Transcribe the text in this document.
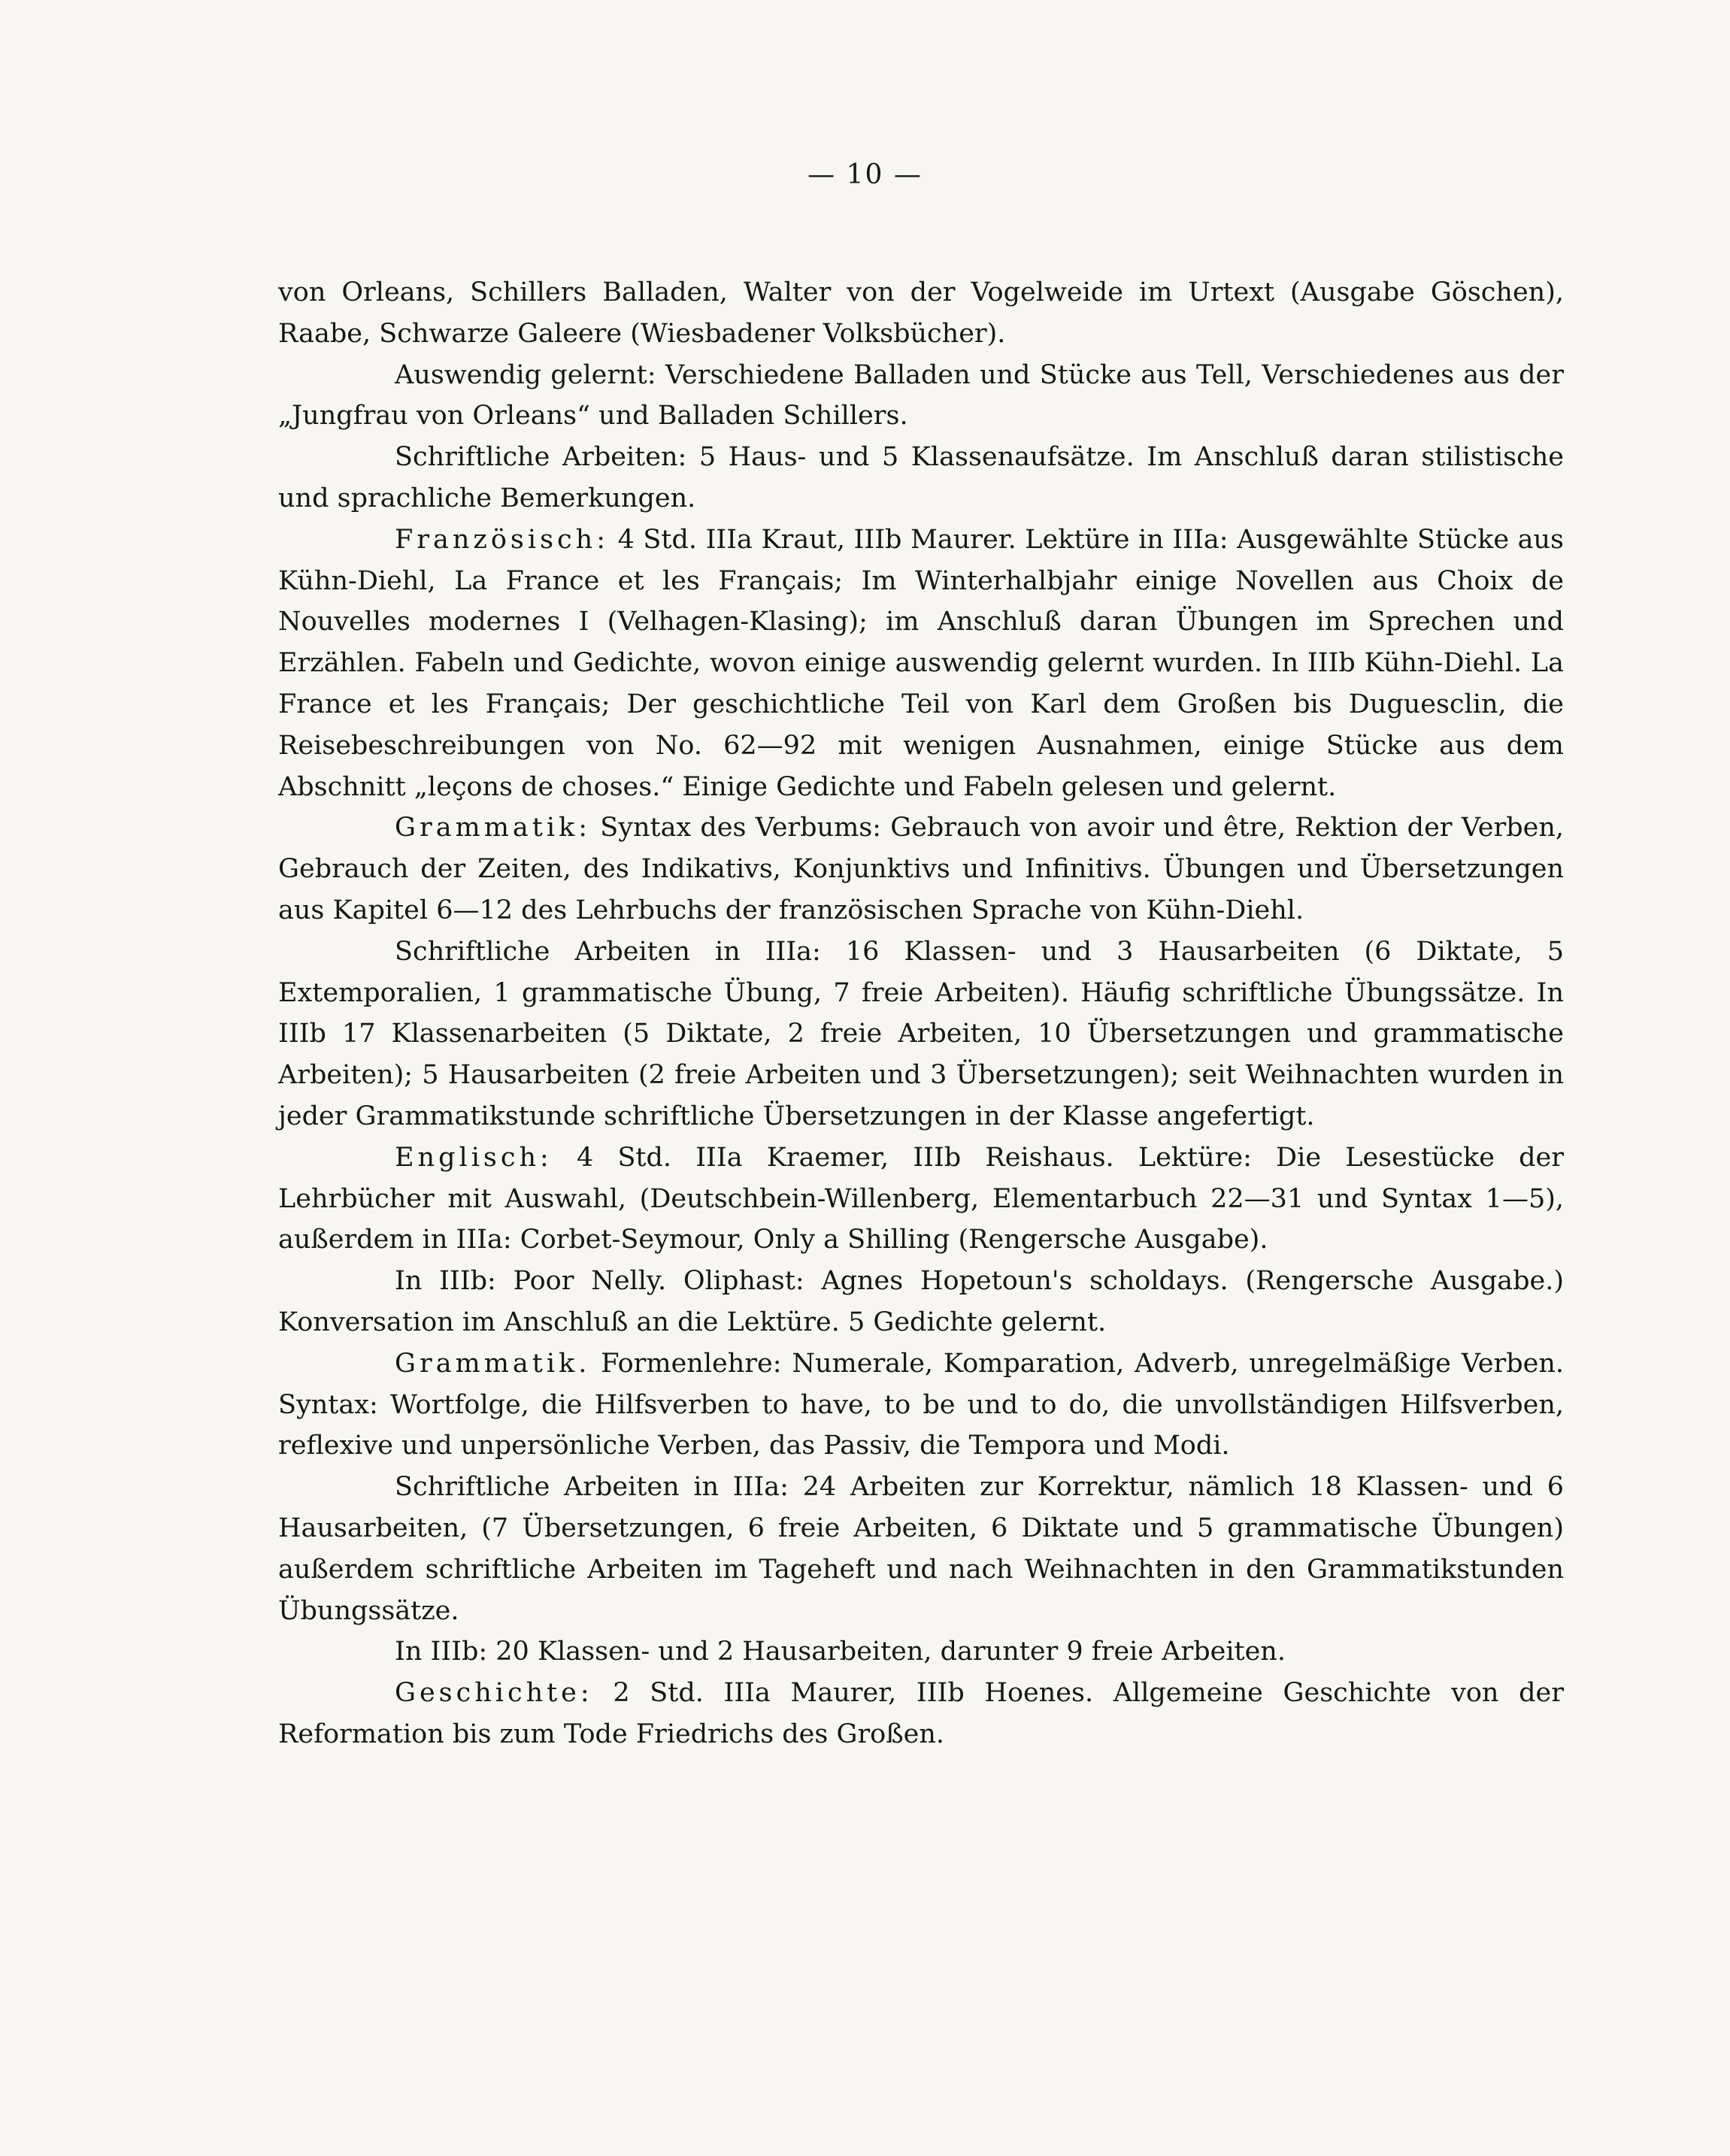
— 10 —

von Orleans, Schillers Balladen, Walter von der Vogelweide im Urtext (Ausgabe Göschen), Raabe, Schwarze Galeere (Wiesbadener Volksbücher).

Auswendig gelernt: Verschiedene Balladen und Stücke aus Tell, Verschiedenes aus der „Jungfrau von Orleans“ und Balladen Schillers.

Schriftliche Arbeiten: 5 Haus- und 5 Klassenaufsätze. Im Anschluß daran stilistische und sprachliche Bemerkungen.

Französisch: 4 Std. IIIa Kraut, IIIb Maurer. Lektüre in IIIa: Ausgewählte Stücke aus Kühn-Diehl, La France et les Français; Im Winterhalbjahr einige Novellen aus Choix de Nouvelles modernes I (Velhagen-Klasing); im Anschluß daran Übungen im Sprechen und Erzählen. Fabeln und Gedichte, wovon einige auswendig gelernt wurden. In IIIb Kühn-Diehl. La France et les Français; Der geschichtliche Teil von Karl dem Großen bis Duguesclin, die Reisebeschreibungen von No. 62—92 mit wenigen Ausnahmen, einige Stücke aus dem Abschnitt „leçons de choses.“ Einige Gedichte und Fabeln gelesen und gelernt.

Grammatik: Syntax des Verbums: Gebrauch von avoir und être, Rektion der Verben, Gebrauch der Zeiten, des Indikativs, Konjunktivs und Infinitivs. Übungen und Übersetzungen aus Kapitel 6—12 des Lehrbuchs der französischen Sprache von Kühn-Diehl.

Schriftliche Arbeiten in IIIa: 16 Klassen- und 3 Hausarbeiten (6 Diktate, 5 Extemporalien, 1 grammatische Übung, 7 freie Arbeiten). Häufig schriftliche Übungssätze. In IIIb 17 Klassenarbeiten (5 Diktate, 2 freie Arbeiten, 10 Übersetzungen und grammatische Arbeiten); 5 Hausarbeiten (2 freie Arbeiten und 3 Übersetzungen); seit Weihnachten wurden in jeder Grammatikstunde schriftliche Übersetzungen in der Klasse angefertigt.

Englisch: 4 Std. IIIa Kraemer, IIIb Reishaus. Lektüre: Die Lesestücke der Lehrbücher mit Auswahl, (Deutschbein-Willenberg, Elementarbuch 22—31 und Syntax 1—5), außerdem in IIIa: Corbet-Seymour, Only a Shilling (Rengersche Ausgabe).

In IIIb: Poor Nelly. Oliphast: Agnes Hopetoun's scholdays. (Rengersche Ausgabe.) Konversation im Anschluß an die Lektüre. 5 Gedichte gelernt.

Grammatik. Formenlehre: Numerale, Komparation, Adverb, unregelmäßige Verben. Syntax: Wortfolge, die Hilfsverben to have, to be und to do, die unvollständigen Hilfsverben, reflexive und unpersönliche Verben, das Passiv, die Tempora und Modi.

Schriftliche Arbeiten in IIIa: 24 Arbeiten zur Korrektur, nämlich 18 Klassen- und 6 Hausarbeiten, (7 Übersetzungen, 6 freie Arbeiten, 6 Diktate und 5 grammatische Übungen) außerdem schriftliche Arbeiten im Tageheft und nach Weihnachten in den Grammatikstunden Übungssätze.

In IIIb: 20 Klassen- und 2 Hausarbeiten, darunter 9 freie Arbeiten.

Geschichte: 2 Std. IIIa Maurer, IIIb Hoenes. Allgemeine Geschichte von der Reformation bis zum Tode Friedrichs des Großen.
